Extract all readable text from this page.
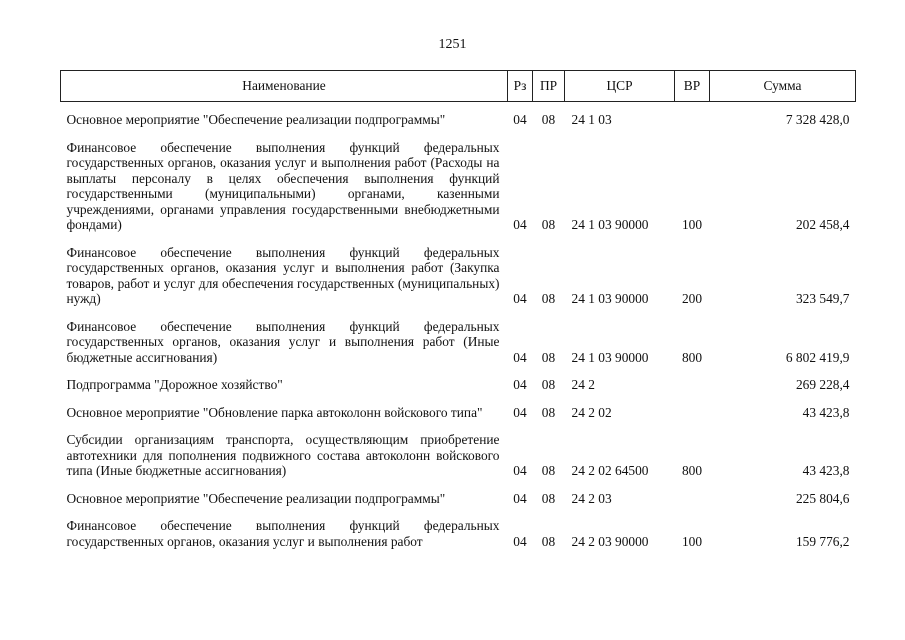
1251
Наименование	Рз	ПР	ЦСР	ВР	Сумма
Основное мероприятие "Обеспечение реализации подпрограммы"	04	08	24 1 03		7 328 428,0
Финансовое обеспечение выполнения функций федеральных государственных органов, оказания услуг и выполнения работ (Расходы на выплаты персоналу в целях обеспечения выполнения функций государственными (муниципальными) органами, казенными учреждениями, органами управления государственными внебюджетными фондами)	04	08	24 1 03 90000	100	202 458,4
Финансовое обеспечение выполнения функций федеральных государственных органов, оказания услуг и выполнения работ (Закупка товаров, работ и услуг для обеспечения государственных (муниципальных) нужд)	04	08	24 1 03 90000	200	323 549,7
Финансовое обеспечение выполнения функций федеральных государственных органов, оказания услуг и выполнения работ (Иные бюджетные ассигнования)	04	08	24 1 03 90000	800	6 802 419,9
Подпрограмма "Дорожное хозяйство"	04	08	24 2		269 228,4
Основное мероприятие "Обновление парка автоколонн войскового типа"	04	08	24 2 02		43 423,8
Субсидии организациям транспорта, осуществляющим приобретение автотехники для пополнения подвижного состава автоколонн войскового типа (Иные бюджетные ассигнования)	04	08	24 2 02 64500	800	43 423,8
Основное мероприятие "Обеспечение реализации подпрограммы"	04	08	24 2 03		225 804,6
Финансовое обеспечение выполнения функций федеральных государственных органов, оказания услуг и выполнения работ	04	08	24 2 03 90000	100	159 776,2
